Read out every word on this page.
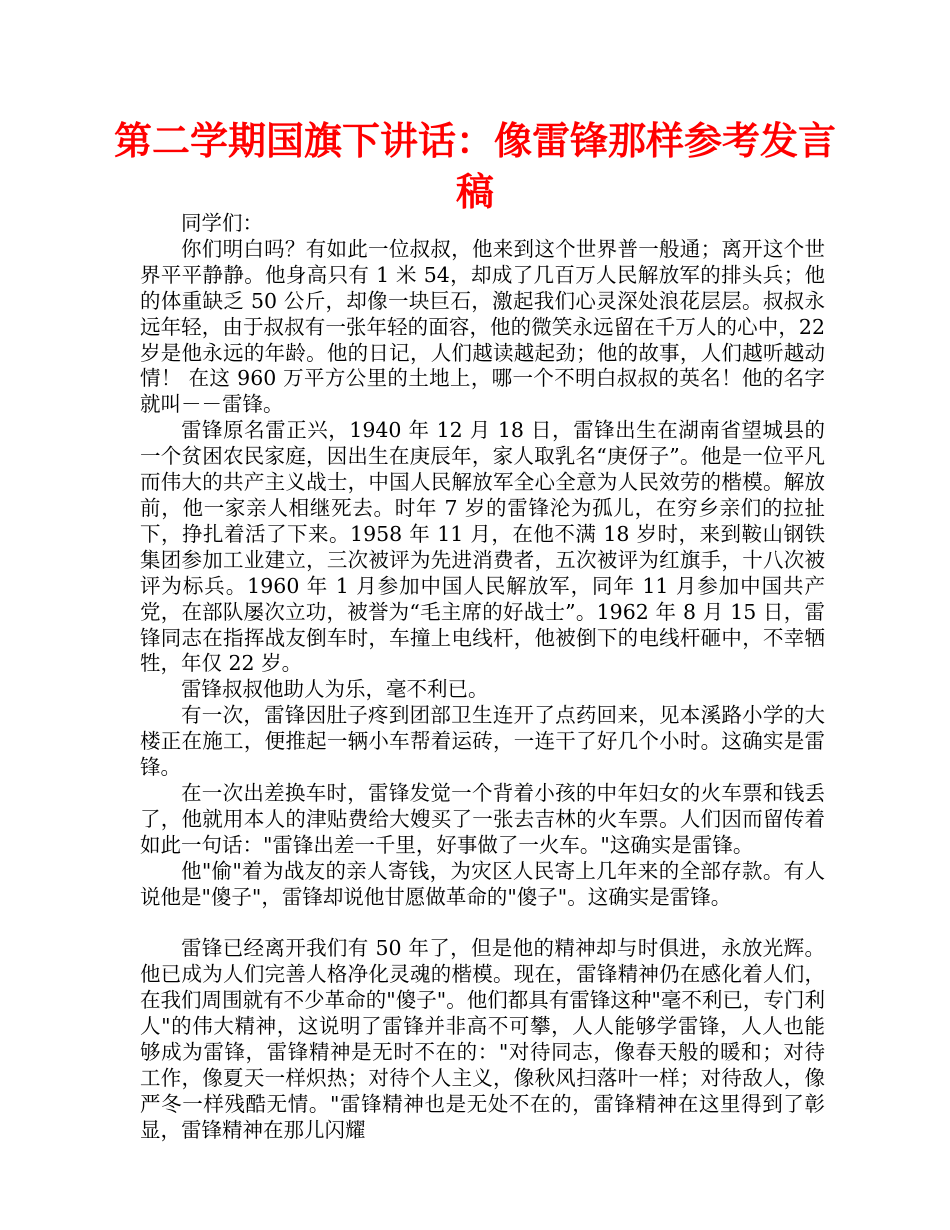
第二学期国旗下讲话：像雷锋那样参考发言稿

同学们：

你们明白吗？有如此一位叔叔，他来到这个世界普一般通；离开这个世界平平静静。他身高只有 1 米 54，却成了几百万人民解放军的排头兵；他的体重缺乏 50 公斤，却像一块巨石，激起我们心灵深处浪花层层。叔叔永远年轻，由于叔叔有一张年轻的面容，他的微笑永远留在千万人的心中，22 岁是他永远的年龄。他的日记，人们越读越起劲；他的故事，人们越听越动情！ 在这 960 万平方公里的土地上，哪一个不明白叔叔的英名！他的名字就叫－－雷锋。

雷锋原名雷正兴，1940 年 12 月 18 日，雷锋出生在湖南省望城县的一个贫困农民家庭，因出生在庚辰年，家人取乳名“庚伢子”。他是一位平凡而伟大的共产主义战士，中国人民解放军全心全意为人民效劳的楷模。解放前，他一家亲人相继死去。时年 7 岁的雷锋沦为孤儿，在穷乡亲们的拉扯下，挣扎着活了下来。1958 年 11 月，在他不满 18 岁时，来到鞍山钢铁集团参加工业建立，三次被评为先进消费者，五次被评为红旗手，十八次被评为标兵。1960 年 1 月参加中国人民解放军，同年 11 月参加中国共产党，在部队屡次立功，被誉为“毛主席的好战士”。1962 年 8 月 15 日，雷锋同志在指挥战友倒车时，车撞上电线杆，他被倒下的电线杆砸中，不幸牺牲，年仅 22 岁。

雷锋叔叔他助人为乐，毫不利已。

有一次，雷锋因肚子疼到团部卫生连开了点药回来，见本溪路小学的大楼正在施工，便推起一辆小车帮着运砖，一连干了好几个小时。这确实是雷锋。

在一次出差换车时，雷锋发觉一个背着小孩的中年妇女的火车票和钱丢了，他就用本人的津贴费给大嫂买了一张去吉林的火车票。人们因而留传着如此一句话："雷锋出差一千里，好事做了一火车。"这确实是雷锋。

他"偷"着为战友的亲人寄钱，为灾区人民寄上几年来的全部存款。有人说他是"傻子"，雷锋却说他甘愿做革命的"傻子"。这确实是雷锋。

雷锋已经离开我们有 50 年了，但是他的精神却与时俱进，永放光辉。他已成为人们完善人格净化灵魂的楷模。现在，雷锋精神仍在感化着人们，在我们周围就有不少革命的"傻子"。他们都具有雷锋这种"毫不利已，专门利人"的伟大精神，这说明了雷锋并非高不可攀，人人能够学雷锋，人人也能够成为雷锋，雷锋精神是无时不在的："对待同志，像春天般的暖和；对待工作，像夏天一样炽热；对待个人主义，像秋风扫落叶一样；对待敌人，像严冬一样残酷无情。"雷锋精神也是无处不在的，雷锋精神在这里得到了彰显，雷锋精神在那儿闪耀
